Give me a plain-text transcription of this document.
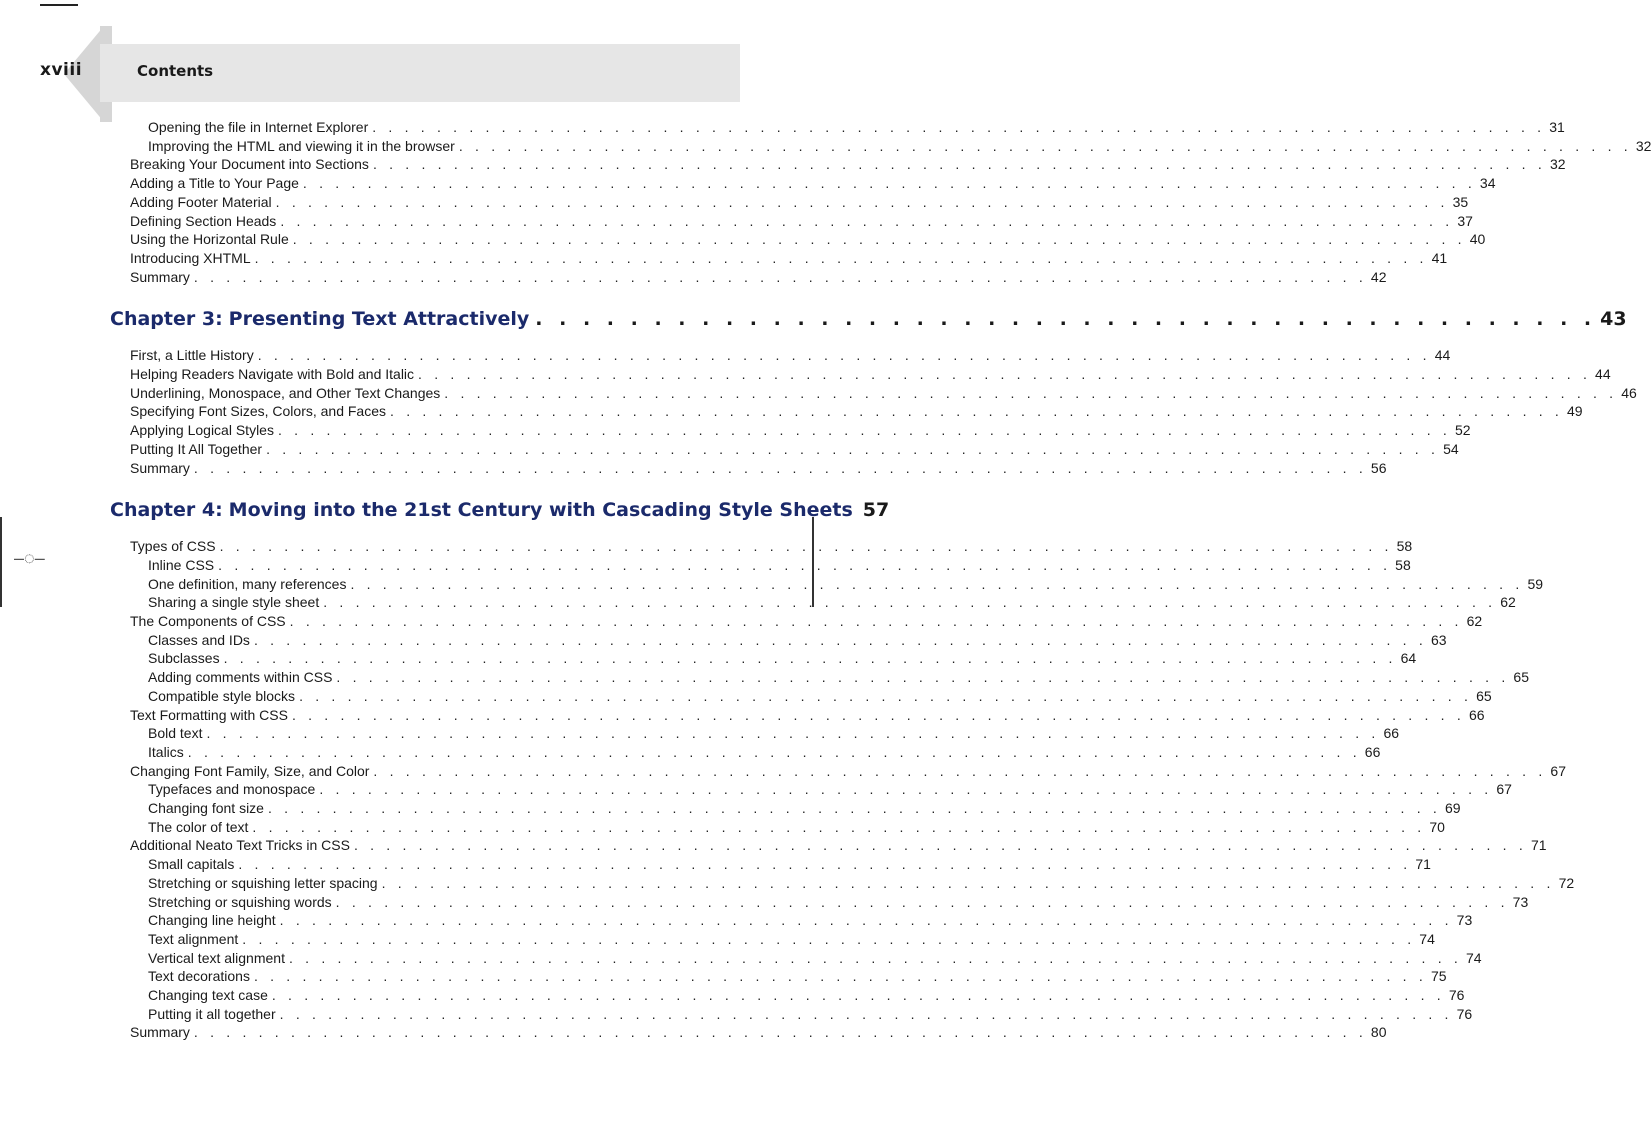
xviii	Contents
–◌–
Opening the file in Internet Explorer . . .	31
Improving the HTML and viewing it in the browser . . .	32
Breaking Your Document into Sections . . .	32
Adding a Title to Your Page . . .	34
Adding Footer Material . . .	35
Defining Section Heads . . .	37
Using the Horizontal Rule . . .	40
Introducing XHTML . . .	41
Summary . . .	42
Chapter 3: Presenting Text Attractively . . .	43
First, a Little History . . .	44
Helping Readers Navigate with Bold and Italic . . .	44
Underlining, Monospace, and Other Text Changes . . .	46
Specifying Font Sizes, Colors, and Faces . . .	49
Applying Logical Styles . . .	52
Putting It All Together . . .	54
Summary . . .	56
Chapter 4: Moving into the 21st Century with Cascading Style Sheets 57
Types of CSS . . .	58
Inline CSS . . .	58
One definition, many references . . .	59
Sharing a single style sheet . . .	62
The Components of CSS . . .	62
Classes and IDs . . .	63
Subclasses . . .	64
Adding comments within CSS . . .	65
Compatible style blocks . . .	65
Text Formatting with CSS . . .	66
Bold text . . .	66
Italics . . .	66
Changing Font Family, Size, and Color . . .	67
Typefaces and monospace . . .	67
Changing font size . . .	69
The color of text . . .	70
Additional Neato Text Tricks in CSS . . .	71
Small capitals . . .	71
Stretching or squishing letter spacing . . .	72
Stretching or squishing words . . .	73
Changing line height . . .	73
Text alignment . . .	74
Vertical text alignment . . .	74
Text decorations . . .	75
Changing text case . . .	76
Putting it all together . . .	76
Summary . . .	80
